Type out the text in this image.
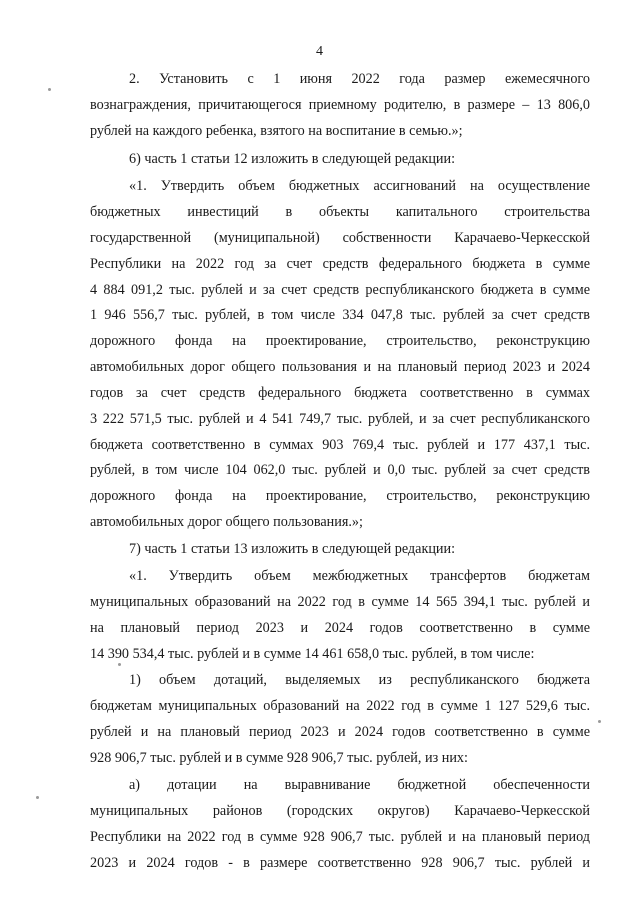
4
2. Установить с 1 июня 2022 года размер ежемесячного
вознаграждения, причитающегося приемному родителю, в размере – 13 806,0
рублей на каждого ребенка, взятого на воспитание в семью.»;
6) часть 1 статьи 12 изложить в следующей редакции:
«1. Утвердить объем бюджетных ассигнований на осуществление
бюджетных инвестиций в объекты капитального строительства
государственной (муниципальной) собственности Карачаево-Черкесской
Республики на 2022 год за счет средств федерального бюджета в сумме
4 884 091,2 тыс. рублей и за счет средств республиканского бюджета в сумме
1 946 556,7 тыс. рублей, в том числе 334 047,8 тыс. рублей за счет средств
дорожного фонда на проектирование, строительство, реконструкцию
автомобильных дорог общего пользования и на плановый период 2023 и 2024
годов за счет средств федерального бюджета соответственно в суммах
3 222 571,5 тыс. рублей и 4 541 749,7 тыс. рублей, и за счет республиканского
бюджета соответственно в суммах 903 769,4 тыс. рублей и 177 437,1 тыс.
рублей, в том числе 104 062,0 тыс. рублей и 0,0 тыс. рублей за счет средств
дорожного фонда на проектирование, строительство, реконструкцию
автомобильных дорог общего пользования.»;
7) часть 1 статьи 13 изложить в следующей редакции:
«1. Утвердить объем межбюджетных трансфертов бюджетам
муниципальных образований на 2022 год в сумме 14 565 394,1 тыс. рублей и
на плановый период 2023 и 2024 годов соответственно в сумме
14 390 534,4 тыс. рублей и в сумме 14 461 658,0 тыс. рублей, в том числе:
1) объем дотаций, выделяемых из республиканского бюджета
бюджетам муниципальных образований на 2022 год в сумме 1 127 529,6 тыс.
рублей и на плановый период 2023 и 2024 годов соответственно в сумме
928 906,7 тыс. рублей и в сумме 928 906,7 тыс. рублей, из них:
а) дотации на выравнивание бюджетной обеспеченности
муниципальных районов (городских округов) Карачаево-Черкесской
Республики на 2022 год в сумме 928 906,7 тыс. рублей и на плановый период
2023 и 2024 годов - в размере соответственно 928 906,7 тыс. рублей и
